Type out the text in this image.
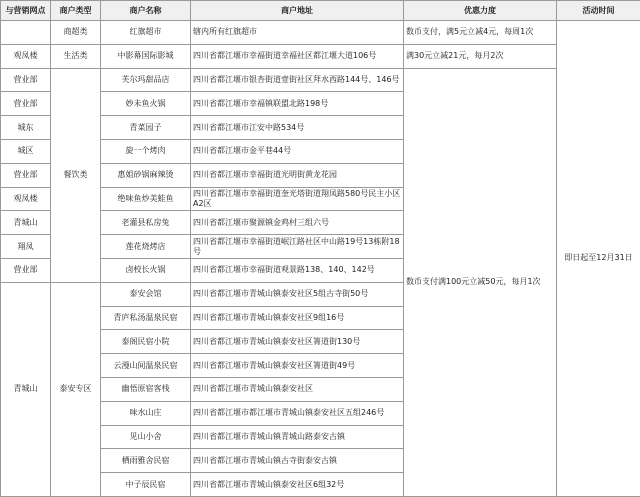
与营销网点	商户类型	商户名称	商户地址	优惠力度	活动时间
	商超类	红旗超市	辖内所有红旗超市	数币支付，满5元立减4元，每周1次	即日起至12月31日
观凤楼	生活类	中影幕国际影城	四川省都江堰市幸福街道幸福社区都江堰大道106号	满30元立减21元，每月2次	
营业部	餐饮类	芙尔玛甜品店	四川省都江堰市银杏街道壹街社区拜水西路144号、146号	数币支付满100元立减50元，每月1次	
营业部		妙未鱼火锅	四川省都江堰市幸福镇联盟北路198号		
城东		青菜园子	四川省都江堰市江安中路534号		
城区		旋一个烤肉	四川省都江堰市金平巷44号		
营业部		惠姐砂锅麻辣烫	四川省都江堰市幸福街道光明街黄龙花园		
观凤楼		绝味鱼炒美蛙鱼	四川省都江堰市幸福街道奎光塔街道翔凤路580号民主小区A2区		
青城山		老灌县私房兔	四川省都江堰市聚源镇金鸡村三组六号		
翔凤		莲花烧烤店	四川省都江堰市幸福街道岷江路社区中山路19号13栋附18号		
营业部		卤校长火锅	四川省都江堰市幸福街道观景路138、140、142号		
青城山	泰安专区	泰安会馆	四川省都江堰市青城山镇泰安社区5组古寺街50号		
		青庐私汤温泉民宿	四川省都江堰市青城山镇泰安社区9组16号		
		泰阁民宿小院	四川省都江堰市青城山镇泰安社区箐道街130号		
		云漫山间温泉民宿	四川省都江堰市青城山镇泰安社区箐道街49号		
		幽悟原宿客栈	四川省都江堰市青城山镇泰安社区		
		味水山庄	四川省都江堰市都江堰市青城山镇泰安社区五组246号		
		见山小舍	四川省都江堰市青城山镇青城山路泰安古镇		
		栖雨雅舍民宿	四川省都江堰市青城山镇古寺街泰安古镇		
		中子辰民宿	四川省都江堰市青城山镇泰安社区6组32号		
